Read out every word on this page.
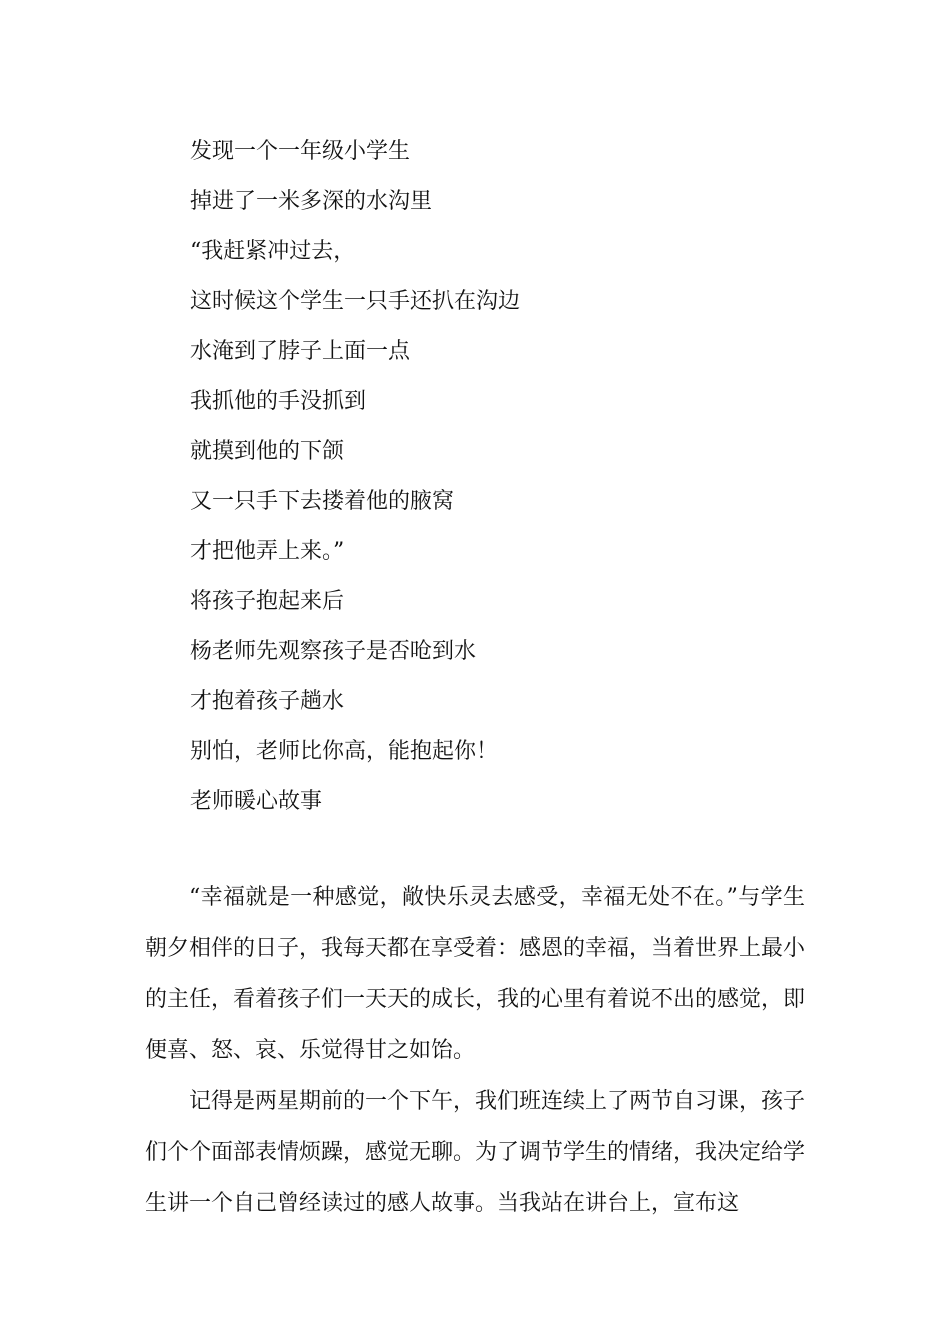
发现一个一年级小学生
掉进了一米多深的水沟里
“我赶紧冲过去，
这时候这个学生一只手还扒在沟边
水淹到了脖子上面一点
我抓他的手没抓到
就摸到他的下颌
又一只手下去搂着他的腋窝
才把他弄上来。”
将孩子抱起来后
杨老师先观察孩子是否呛到水
才抱着孩子趟水
别怕，老师比你高，能抱起你！
老师暖心故事

“幸福就是一种感觉，敞快乐灵去感受，幸福无处不在。”与学生朝夕相伴的日子，我每天都在享受着：感恩的幸福，当着世界上最小的主任，看着孩子们一天天的成长，我的心里有着说不出的感觉，即便喜、怒、哀、乐觉得甘之如饴。

记得是两星期前的一个下午，我们班连续上了两节自习课，孩子们个个面部表情烦躁，感觉无聊。为了调节学生的情绪，我决定给学生讲一个自己曾经读过的感人故事。当我站在讲台上，宣布这
